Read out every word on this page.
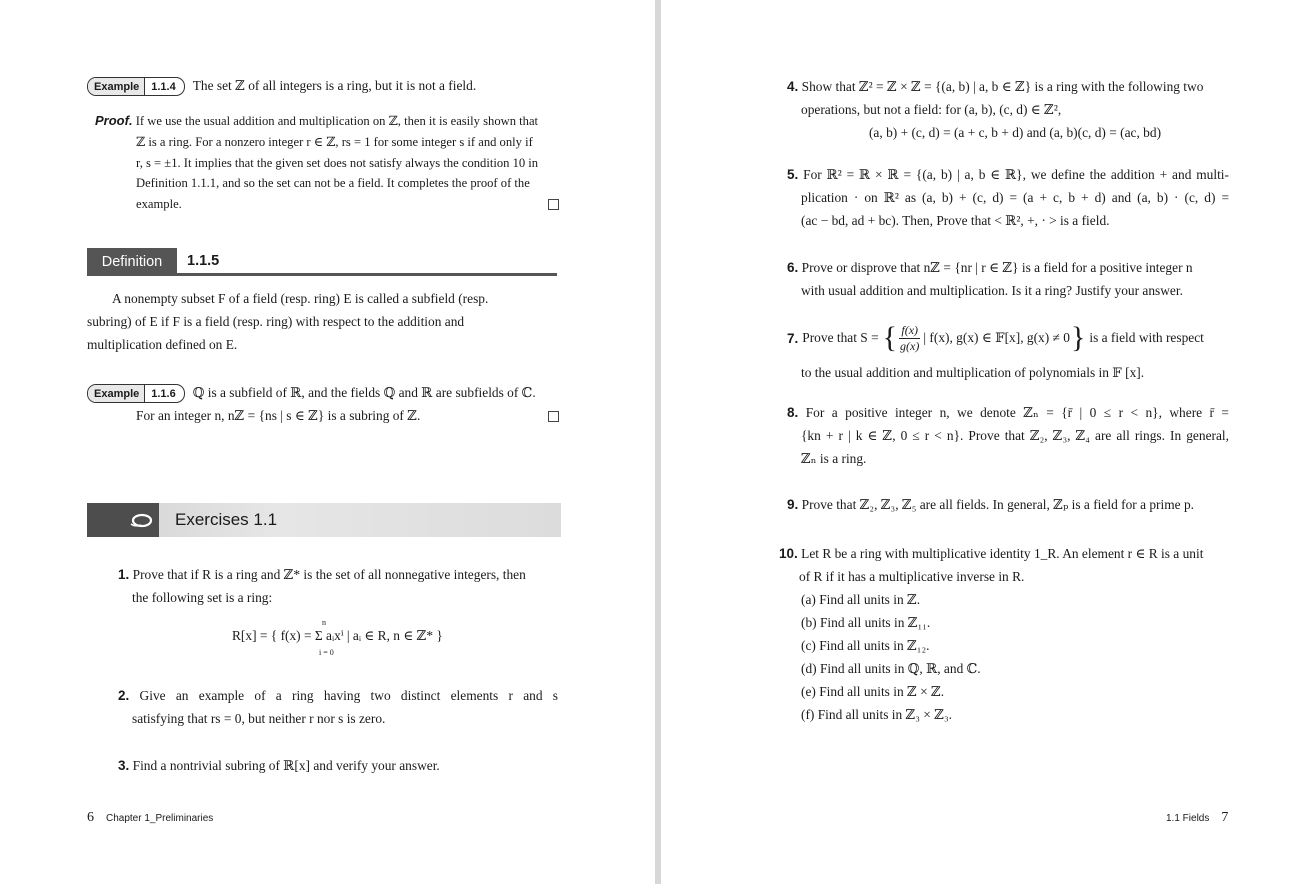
Example	1.1.4	The set ℤ of all integers is a ring, but it is not a field.
Proof. If we use the usual addition and multiplication on ℤ, then it is easily shown that
ℤ is a ring. For a nonzero integer r ∈ ℤ, rs = 1 for some integer s if and only if
r, s = ±1. It implies that the given set does not satisfy always the condition 10 in
Definition 1.1.1, and so the set can not be a field. It completes the proof of the
example.
Definition	1.1.5
A nonempty subset F of a field (resp. ring) E is called a subfield (resp.
subring) of E if F is a field (resp. ring) with respect to the addition and
multiplication defined on E.
Example	1.1.6	ℚ is a subfield of ℝ, and the fields ℚ and ℝ are subfields of ℂ.
For an integer n, nℤ = {ns | s ∈ ℤ} is a subring of ℤ.
Exercises 1.1
1. Prove that if R is a ring and ℤ* is the set of all nonnegative integers, then
the following set is a ring:
R[x] = { f(x) = Σ aᵢxⁱ | aᵢ ∈ R, n ∈ ℤ* }
n
i = 0
2. Give an example of a ring having two distinct elements r and s
satisfying that rs = 0, but neither r nor s is zero.
3. Find a nontrivial subring of ℝ[x] and verify your answer.
6 Chapter 1_Preliminaries
4. Show that ℤ² = ℤ × ℤ = {(a, b) | a, b ∈ ℤ} is a ring with the following two
operations, but not a field: for (a, b), (c, d) ∈ ℤ²,
(a, b) + (c, d) = (a + c, b + d) and (a, b)(c, d) = (ac, bd)
5. For ℝ² = ℝ × ℝ = {(a, b) | a, b ∈ ℝ}, we define the addition + and multi-
plication · on ℝ² as (a, b) + (c, d) = (a + c, b + d) and (a, b) · (c, d) =
(ac − bd, ad + bc). Then, Prove that < ℝ², +, · > is a field.
6. Prove or disprove that nℤ = {nr | r ∈ ℤ} is a field for a positive integer n
with usual addition and multiplication. Is it a ring? Justify your answer.
7. Prove that S = { f(x)
g(x)
| f(x), g(x) ∈ 𝔽[x], g(x) ≠ 0 } is a field with respect
to the usual addition and multiplication of polynomials in 𝔽 [x].
8. For a positive integer n, we denote ℤₙ = {r̄ | 0 ≤ r < n}, where r̄ =
{kn + r | k ∈ ℤ, 0 ≤ r < n}. Prove that ℤ₂, ℤ₃, ℤ₄ are all rings. In general,
ℤₙ is a ring.
9. Prove that ℤ₂, ℤ₃, ℤ₅ are all fields. In general, ℤₚ is a field for a prime p.
10. Let R be a ring with multiplicative identity 1_R. An element r ∈ R is a unit
of R if it has a multiplicative inverse in R.
(a) Find all units in ℤ.
(b) Find all units in ℤ₁₁.
(c) Find all units in ℤ₁₂.
(d) Find all units in ℚ, ℝ, and ℂ.
(e) Find all units in ℤ × ℤ.
(f) Find all units in ℤ₃ × ℤ₃.
1.1 Fields 7
